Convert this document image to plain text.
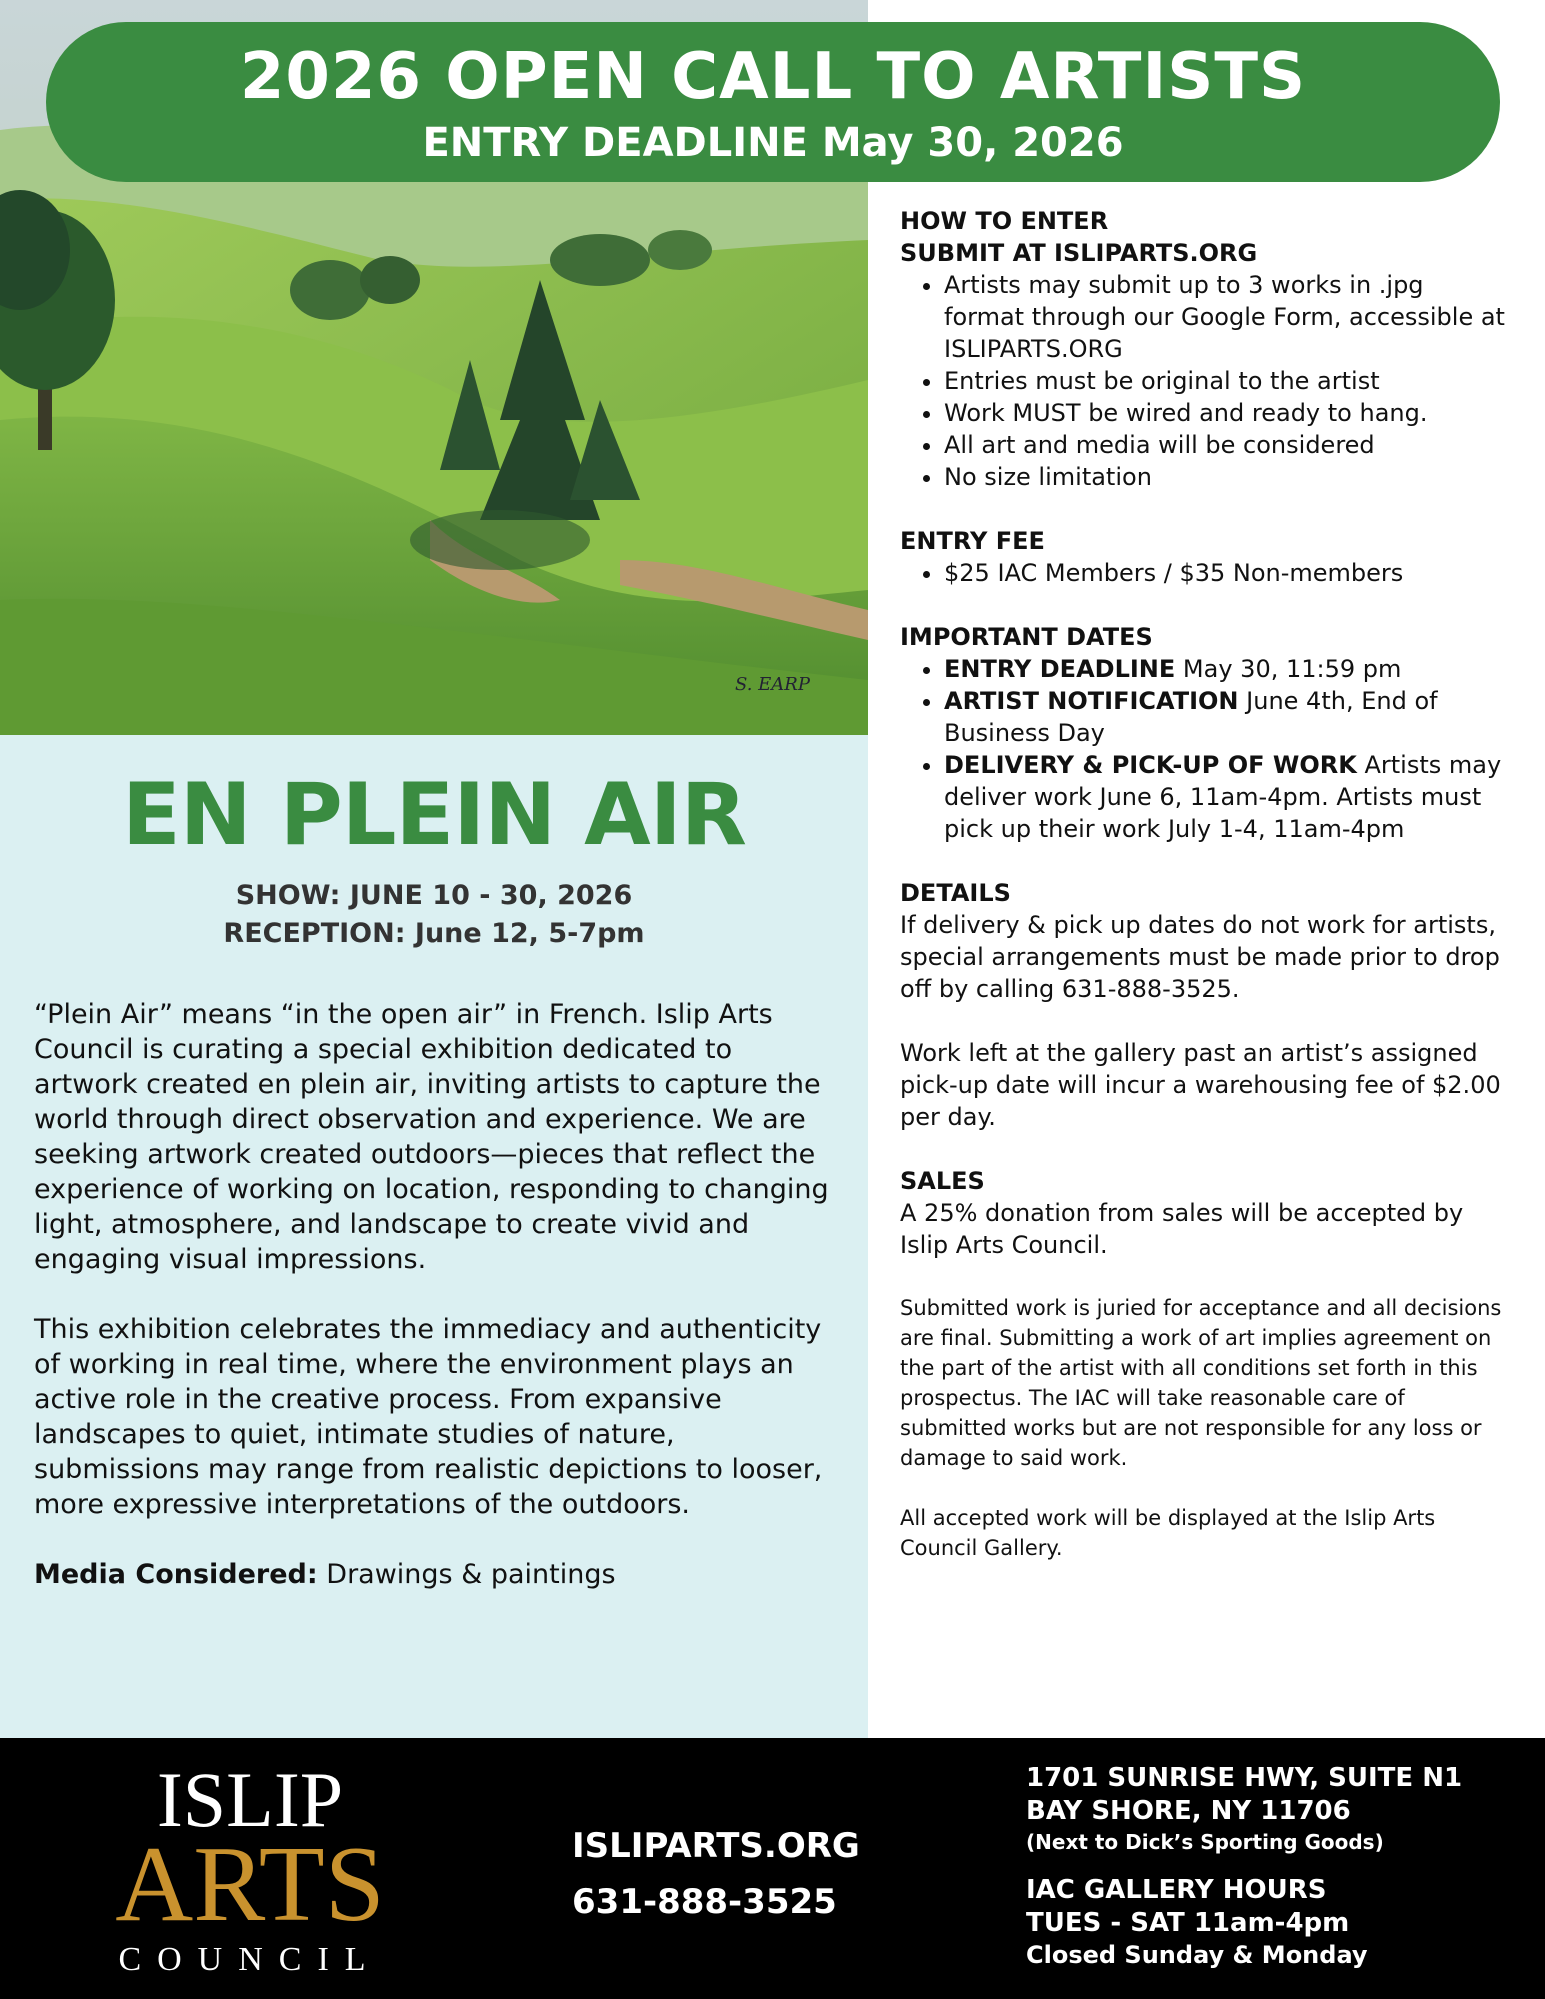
S. EARP
2026 OPEN CALL TO ARTISTS
ENTRY DEADLINE May 30, 2026
EN PLEIN AIR
SHOW: JUNE 10 - 30, 2026
RECEPTION: June 12, 5-7pm

“Plein Air” means “in the open air” in French. Islip Arts Council is curating a special exhibition dedicated to artwork created en plein air, inviting artists to capture the world through direct observation and experience. We are seeking artwork created outdoors—pieces that reflect the experience of working on location, responding to changing light, atmosphere, and landscape to create vivid and engaging visual impressions.

This exhibition celebrates the immediacy and authenticity of working in real time, where the environment plays an active role in the creative process. From expansive landscapes to quiet, intimate studies of nature, submissions may range from realistic depictions to looser, more expressive interpretations of the outdoors.

Media Considered: Drawings & paintings

HOW TO ENTER
SUBMIT AT ISLIPARTS.ORG
• Artists may submit up to 3 works in .jpg format through our Google Form, accessible at ISLIPARTS.ORG
• Entries must be original to the artist
• Work MUST be wired and ready to hang.
• All art and media will be considered
• No size limitation
ENTRY FEE
• $25 IAC Members / $35 Non-members
IMPORTANT DATES
• ENTRY DEADLINE May 30, 11:59 pm
• ARTIST NOTIFICATION June 4th, End of Business Day
• DELIVERY & PICK-UP OF WORK Artists may deliver work June 6, 11am-4pm. Artists must pick up their work July 1-4, 11am-4pm
DETAILS

If delivery & pick up dates do not work for artists, special arrangements must be made prior to drop off by calling 631-888-3525.

Work left at the gallery past an artist’s assigned pick-up date will incur a warehousing fee of $2.00 per day.

SALES

A 25% donation from sales will be accepted by Islip Arts Council.

Submitted work is juried for acceptance and all decisions are final. Submitting a work of art implies agreement on the part of the artist with all conditions set forth in this prospectus. The IAC will take reasonable care of submitted works but are not responsible for any loss or damage to said work.

All accepted work will be displayed at the Islip Arts Council Gallery.

ISLIP
ARTS
COUNCIL
ISLIPARTS.ORG
631-888-3525
1701 SUNRISE HWY, SUITE N1
BAY SHORE, NY 11706
(Next to Dick’s Sporting Goods)
IAC GALLERY HOURS
TUES - SAT 11am-4pm
Closed Sunday & Monday
